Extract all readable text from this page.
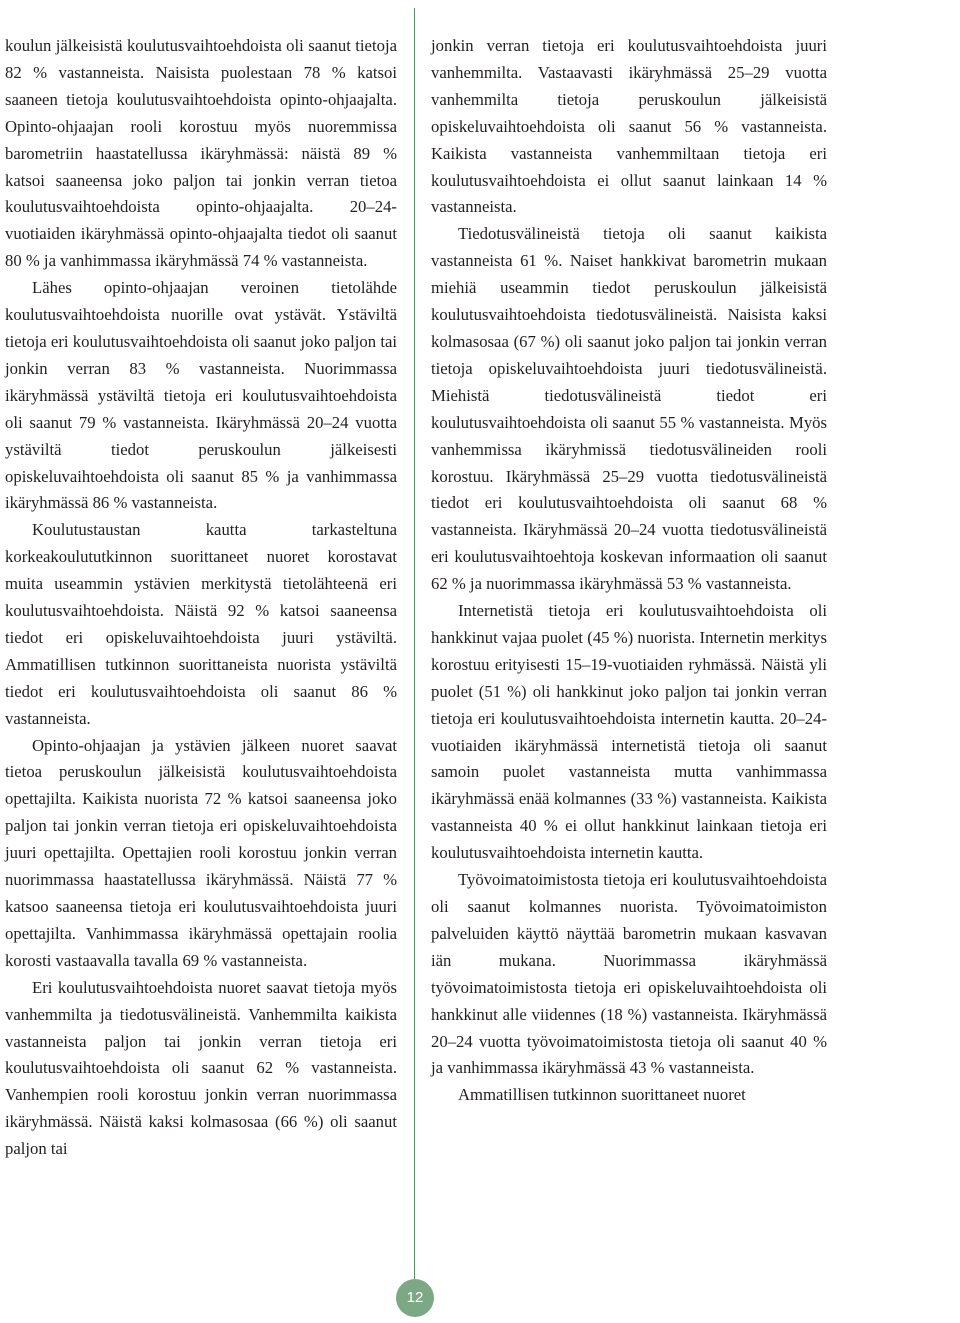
koulun jälkeisistä koulutusvaihtoehdoista oli saanut tietoja 82 % vastanneista. Naisista puolestaan 78 % katsoi saaneen tietoja koulutusvaihtoehdoista opinto-ohjaajalta. Opinto-ohjaajan rooli korostuu myös nuoremmissa barometriin haastatellussa ikäryhmässä: näistä 89 % katsoi saaneensa joko paljon tai jonkin verran tietoa koulutusvaihtoehdoista opinto-ohjaajalta. 20–24-vuotiaiden ikäryhmässä opinto-ohjaajalta tiedot oli saanut 80 % ja vanhimmassa ikäryhmässä 74 % vastanneista.

Lähes opinto-ohjaajan veroinen tietolähde koulutusvaihtoehdoista nuorille ovat ystävät. Ystäviltä tietoja eri koulutusvaihtoehdoista oli saanut joko paljon tai jonkin verran 83 % vastanneista. Nuorimmassa ikäryhmässä ystäviltä tietoja eri koulutusvaihtoehdoista oli saanut 79 % vastanneista. Ikäryhmässä 20–24 vuotta ystäviltä tiedot peruskoulun jälkeisesti opiskeluvaihtoehdoista oli saanut 85 % ja vanhimmassa ikäryhmässä 86 % vastanneista.

Koulutustaustan kautta tarkasteltuna korkeakoulututkinnon suorittaneet nuoret korostavat muita useammin ystävien merkitystä tietolähteenä eri koulutusvaihtoehdoista. Näistä 92 % katsoi saaneensa tiedot eri opiskeluvaihtoehdoista juuri ystäviltä. Ammatillisen tutkinnon suorittaneista nuorista ystäviltä tiedot eri koulutusvaihtoehdoista oli saanut 86 % vastanneista.

Opinto-ohjaajan ja ystävien jälkeen nuoret saavat tietoa peruskoulun jälkeisistä koulutusvaihtoehdoista opettajilta. Kaikista nuorista 72 % katsoi saaneensa joko paljon tai jonkin verran tietoja eri opiskeluvaihtoehdoista juuri opettajilta. Opettajien rooli korostuu jonkin verran nuorimmassa haastatellussa ikäryhmässä. Näistä 77 % katsoo saaneensa tietoja eri koulutusvaihtoehdoista juuri opettajilta. Vanhimmassa ikäryhmässä opettajain roolia korosti vastaavalla tavalla 69 % vastanneista.

Eri koulutusvaihtoehdoista nuoret saavat tietoja myös vanhemmilta ja tiedotusvälineistä. Vanhemmilta kaikista vastanneista paljon tai jonkin verran tietoja eri koulutusvaihtoehdoista oli saanut 62 % vastanneista. Vanhempien rooli korostuu jonkin verran nuorimmassa ikäryhmässä. Näistä kaksi kolmasosaa (66 %) oli saanut paljon tai

jonkin verran tietoja eri koulutusvaihtoehdoista juuri vanhemmilta. Vastaavasti ikäryhmässä 25–29 vuotta vanhemmilta tietoja peruskoulun jälkeisistä opiskeluvaihtoehdoista oli saanut 56 % vastanneista. Kaikista vastanneista vanhemmiltaan tietoja eri koulutusvaihtoehdoista ei ollut saanut lainkaan 14 % vastanneista.

Tiedotusvälineistä tietoja oli saanut kaikista vastanneista 61 %. Naiset hankkivat barometrin mukaan miehiä useammin tiedot peruskoulun jälkeisistä koulutusvaihtoehdoista tiedotusvälineistä. Naisista kaksi kolmasosaa (67 %) oli saanut joko paljon tai jonkin verran tietoja opiskeluvaihtoehdoista juuri tiedotusvälineistä. Miehistä tiedotusvälineistä tiedot eri koulutusvaihtoehdoista oli saanut 55 % vastanneista. Myös vanhemmissa ikäryhmissä tiedotusvälineiden rooli korostuu. Ikäryhmässä 25–29 vuotta tiedotusvälineistä tiedot eri koulutusvaihtoehdoista oli saanut 68 % vastanneista. Ikäryhmässä 20–24 vuotta tiedotusvälineistä eri koulutusvaihtoehtoja koskevan informaation oli saanut 62 % ja nuorimmassa ikäryhmässä 53 % vastanneista.

Internetistä tietoja eri koulutusvaihtoehdoista oli hankkinut vajaa puolet (45 %) nuorista. Internetin merkitys korostuu erityisesti 15–19-vuotiaiden ryhmässä. Näistä yli puolet (51 %) oli hankkinut joko paljon tai jonkin verran tietoja eri koulutusvaihtoehdoista internetin kautta. 20–24-vuotiaiden ikäryhmässä internetistä tietoja oli saanut samoin puolet vastanneista mutta vanhimmassa ikäryhmässä enää kolmannes (33 %) vastanneista. Kaikista vastanneista 40 % ei ollut hankkinut lainkaan tietoja eri koulutusvaihtoehdoista internetin kautta.

Työvoimatoimistosta tietoja eri koulutusvaihtoehdoista oli saanut kolmannes nuorista. Työvoimatoimiston palveluiden käyttö näyttää barometrin mukaan kasvavan iän mukana. Nuorimmassa ikäryhmässä työvoimatoimistosta tietoja eri opiskeluvaihtoehdoista oli hankkinut alle viidennes (18 %) vastanneista. Ikäryhmässä 20–24 vuotta työvoimatoimistosta tietoja oli saanut 40 % ja vanhimmassa ikäryhmässä 43 % vastanneista.

Ammatillisen tutkinnon suorittaneet nuoret

12
